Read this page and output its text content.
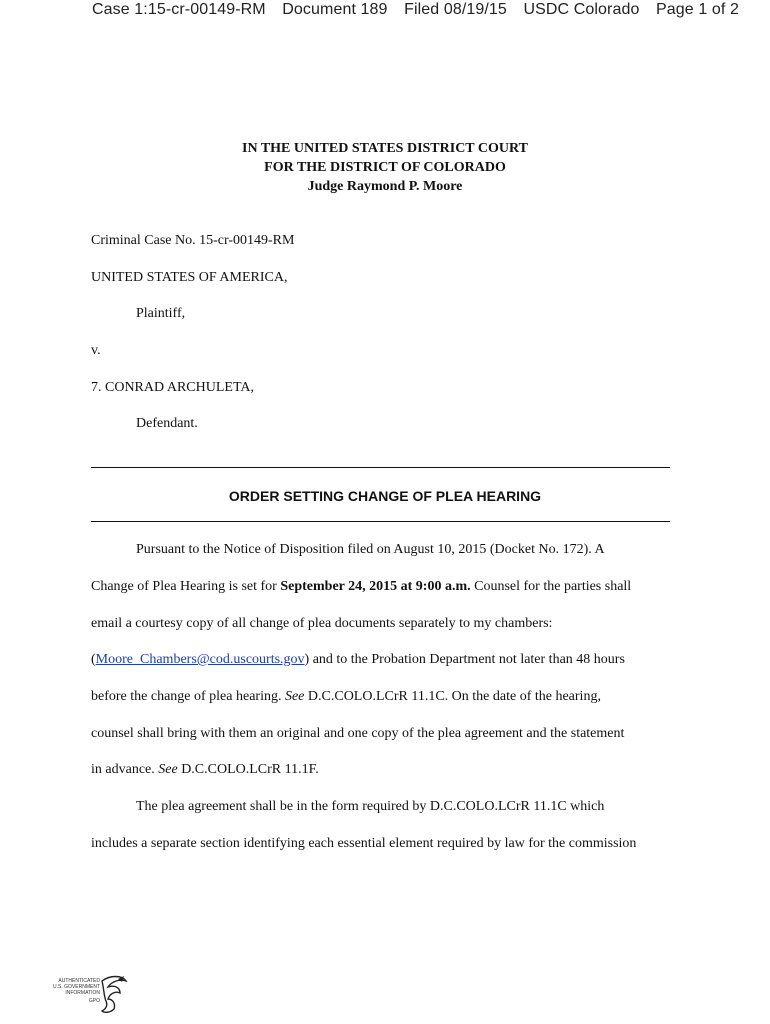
Case 1:15-cr-00149-RM Document 189 Filed 08/19/15 USDC Colorado Page 1 of 2
IN THE UNITED STATES DISTRICT COURT
FOR THE DISTRICT OF COLORADO
Judge Raymond P. Moore
Criminal Case No. 15-cr-00149-RM
UNITED STATES OF AMERICA,
Plaintiff,
v.
7. CONRAD ARCHULETA,
Defendant.
ORDER SETTING CHANGE OF PLEA HEARING
Pursuant to the Notice of Disposition filed on August 10, 2015 (Docket No. 172). A
Change of Plea Hearing is set for September 24, 2015 at 9:00 a.m. Counsel for the parties shall
email a courtesy copy of all change of plea documents separately to my chambers:
(Moore_Chambers@cod.uscourts.gov) and to the Probation Department not later than 48 hours
before the change of plea hearing. See D.C.COLO.LCrR 11.1C. On the date of the hearing,
counsel shall bring with them an original and one copy of the plea agreement and the statement
in advance. See D.C.COLO.LCrR 11.1F.
The plea agreement shall be in the form required by D.C.COLO.LCrR 11.1C which
includes a separate section identifying each essential element required by law for the commission
AUTHENTICATED
U.S. GOVERNMENT
INFORMATION
GPO
